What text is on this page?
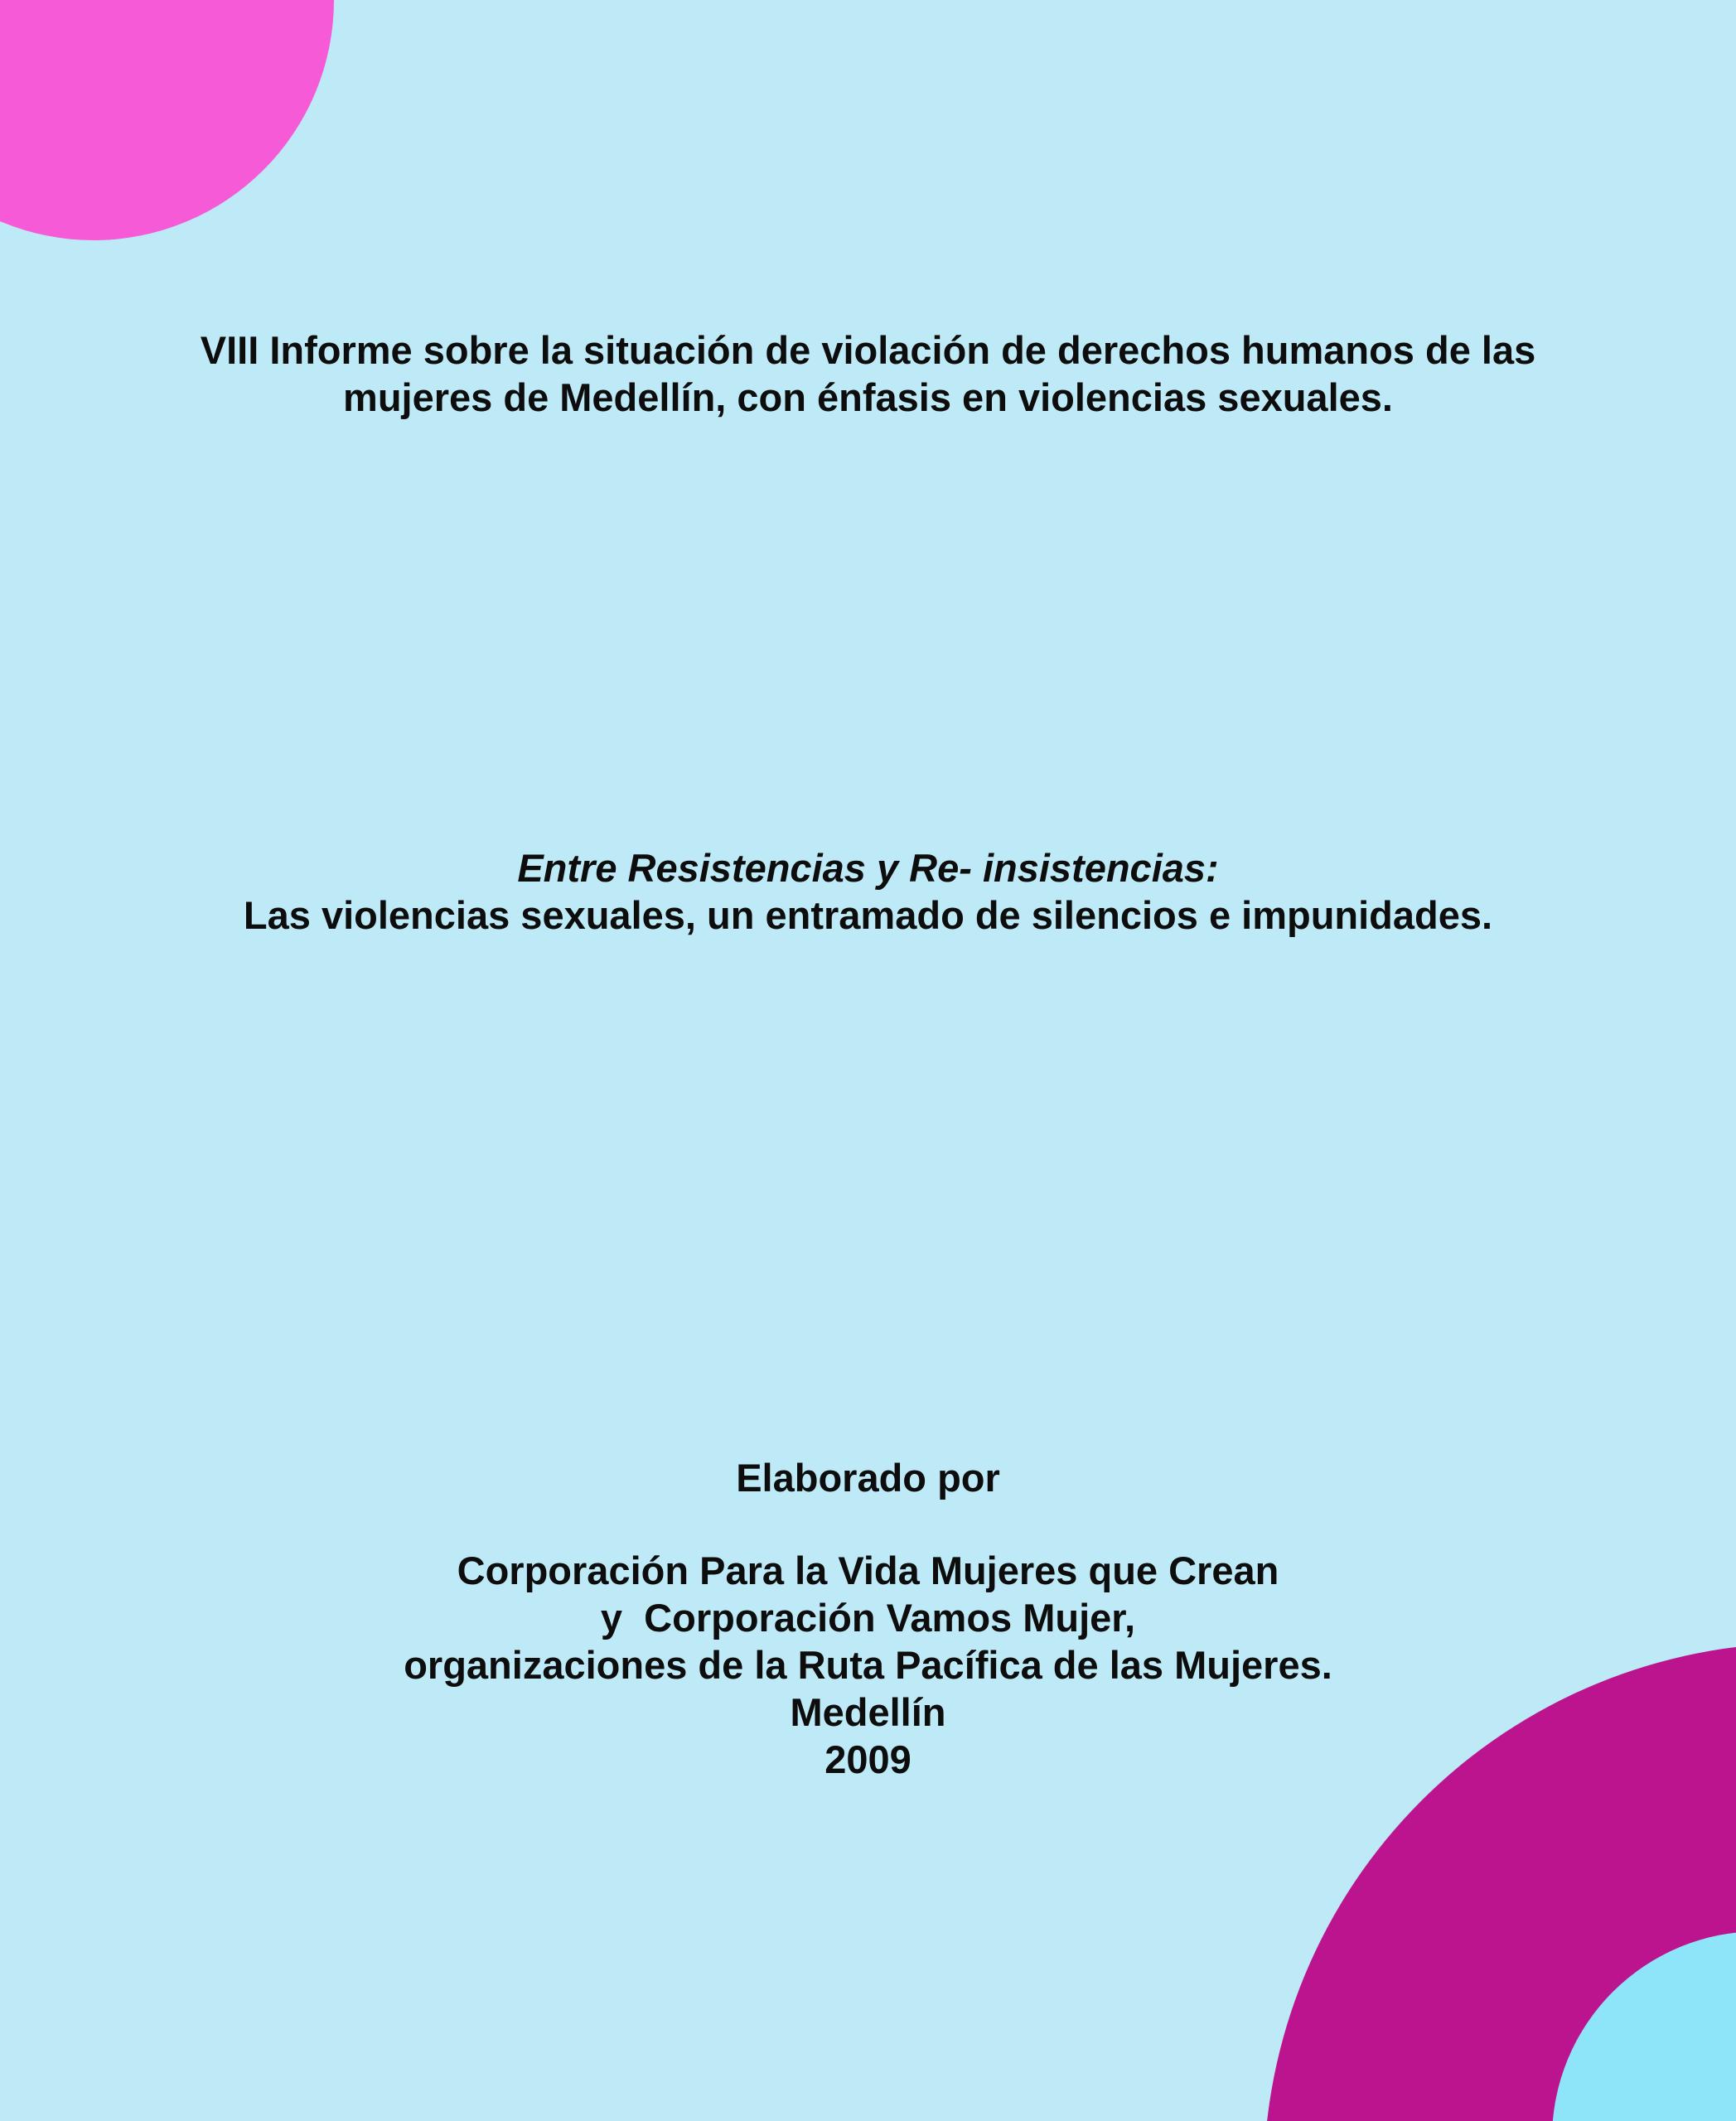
VIII Informe sobre la situación de violación de derechos humanos de las

mujeres de Medellín, con énfasis en violencias sexuales.

Entre Resistencias y Re- insistencias:

Las violencias sexuales, un entramado de silencios e impunidades.

Elaborado por

Corporación Para la Vida Mujeres que Crean

y  Corporación Vamos Mujer,

organizaciones de la Ruta Pacífica de las Mujeres.

Medellín

2009
